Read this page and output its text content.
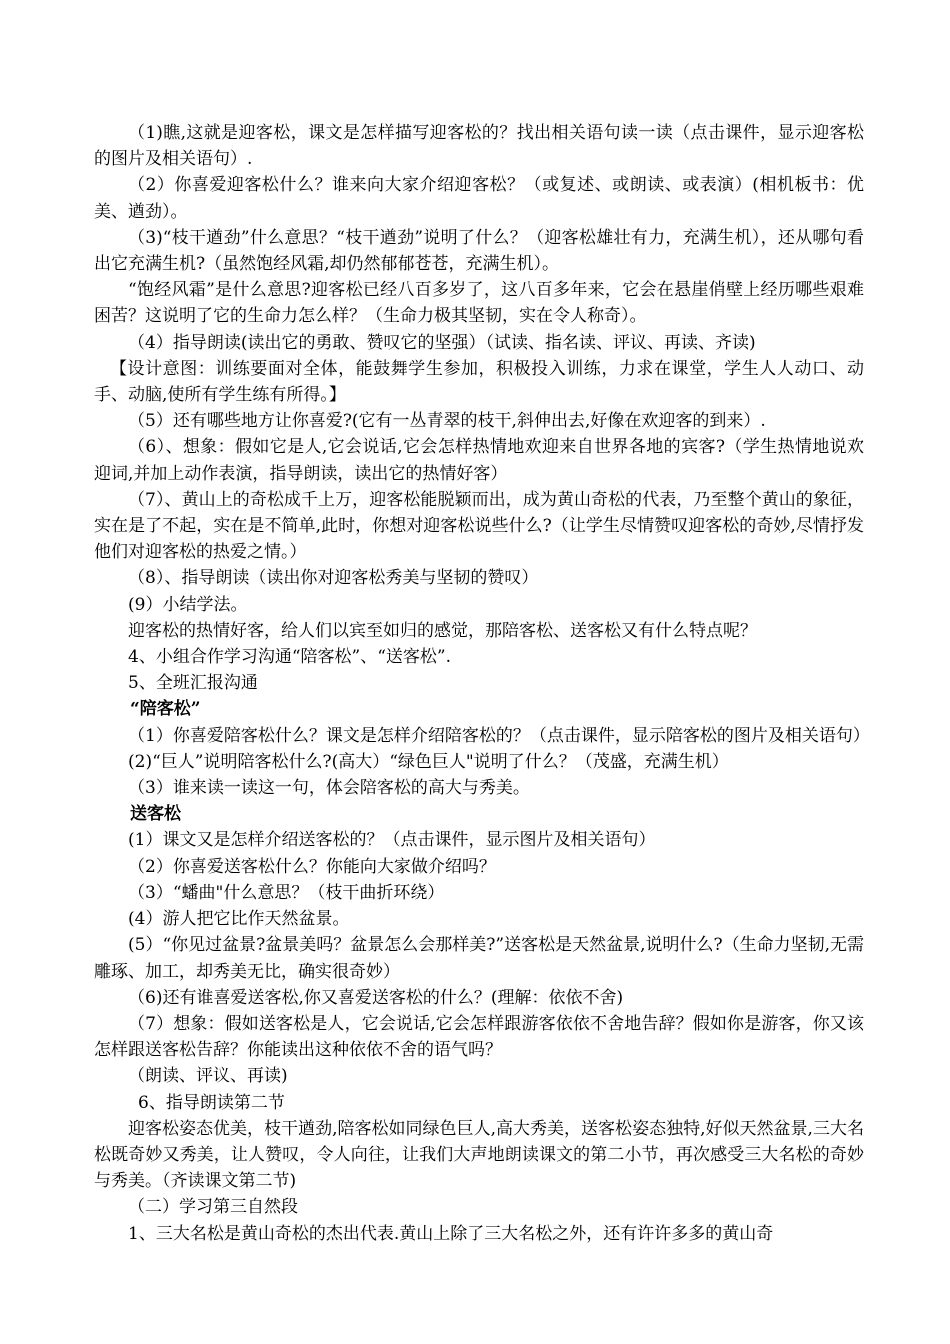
（1)瞧,这就是迎客松，课文是怎样描写迎客松的？找出相关语句读一读（点击课件，显示迎客松的图片及相关语句）.

（2）你喜爱迎客松什么？谁来向大家介绍迎客松？（或复述、或朗读、或表演）(相机板书：优美、遒劲）。

（3)“枝干遒劲”什么意思？“枝干遒劲”说明了什么？（迎客松雄壮有力，充满生机），还从哪句看出它充满生机?（虽然饱经风霜,却仍然郁郁苍苍，充满生机）。

“饱经风霜”是什么意思?迎客松已经八百多岁了，这八百多年来，它会在悬崖俏壁上经历哪些艰难困苦？这说明了它的生命力怎么样？（生命力极其坚韧，实在令人称奇）。

（4）指导朗读(读出它的勇敢、赞叹它的坚强）（试读、指名读、评议、再读、齐读)

【设计意图：训练要面对全体，能鼓舞学生参加，积极投入训练，力求在课堂，学生人人动口、动手、动脑,使所有学生练有所得。】

（5）还有哪些地方让你喜爱?(它有一丛青翠的枝干,斜伸出去,好像在欢迎客的到来）.

（6）、想象：假如它是人,它会说话,它会怎样热情地欢迎来自世界各地的宾客?（学生热情地说欢迎词,并加上动作表演，指导朗读，读出它的热情好客）

（7）、黄山上的奇松成千上万，迎客松能脱颖而出，成为黄山奇松的代表，乃至整个黄山的象征，实在是了不起，实在是不简单,此时，你想对迎客松说些什么?（让学生尽情赞叹迎客松的奇妙,尽情抒发他们对迎客松的热爱之情。）

（8）、指导朗读（读出你对迎客松秀美与坚韧的赞叹）

(9）小结学法。

迎客松的热情好客，给人们以宾至如归的感觉，那陪客松、送客松又有什么特点呢？

4、小组合作学习沟通“陪客松”、“送客松”.

5、全班汇报沟通

“陪客松”

（1）你喜爱陪客松什么？课文是怎样介绍陪客松的？（点击课件，显示陪客松的图片及相关语句）

(2)“巨人”说明陪客松什么?(高大）“绿色巨人"说明了什么？（茂盛，充满生机）

（3）谁来读一读这一句，体会陪客松的高大与秀美。

送客松

(1）课文又是怎样介绍送客松的？（点击课件，显示图片及相关语句）

（2）你喜爱送客松什么？你能向大家做介绍吗？

（3）“蟠曲"什么意思？（枝干曲折环绕）

(4）游人把它比作天然盆景。

(5）“你见过盆景?盆景美吗？盆景怎么会那样美?”送客松是天然盆景,说明什么?（生命力坚韧,无需雕琢、加工，却秀美无比，确实很奇妙）

（6)还有谁喜爱送客松,你又喜爱送客松的什么？(理解：依依不舍)

（7）想象：假如送客松是人，它会说话,它会怎样跟游客依依不舍地告辞？假如你是游客，你又该怎样跟送客松告辞？你能读出这种依依不舍的语气吗？

（朗读、评议、再读)

6、指导朗读第二节

迎客松姿态优美，枝干遒劲,陪客松如同绿色巨人,高大秀美，送客松姿态独特,好似天然盆景,三大名松既奇妙又秀美，让人赞叹，令人向往，让我们大声地朗读课文的第二小节，再次感受三大名松的奇妙与秀美。（齐读课文第二节)

（二）学习第三自然段

1、三大名松是黄山奇松的杰出代表.黄山上除了三大名松之外，还有许许多多的黄山奇
